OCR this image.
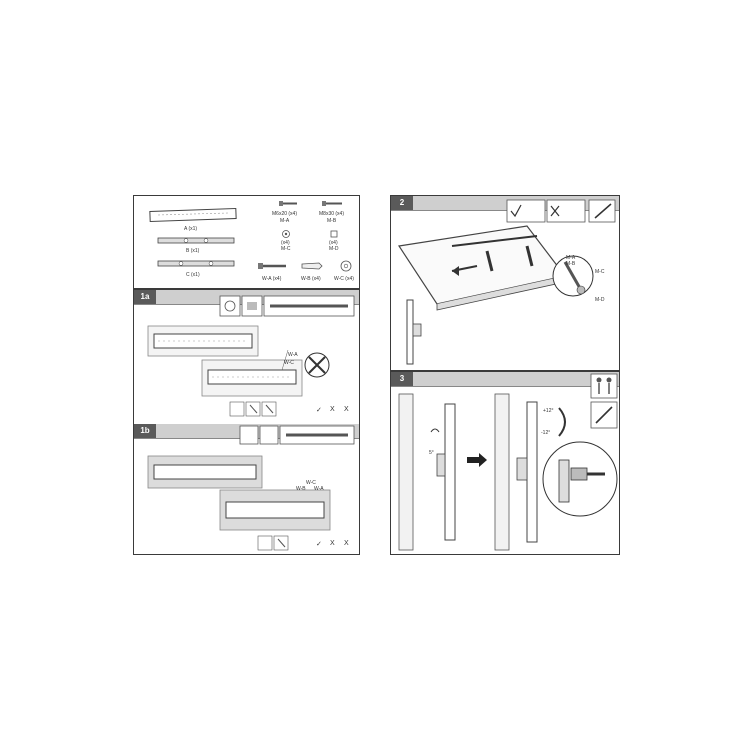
A (x1)
B (x1)
C (x1)
M6x20 (x4)
M-A
M8x30 (x4)
M-B
(x4)
M-C
(x4)
M-D
W-A (x4)	W-B (x4)	W-C (x4)
1a
W-A
W-C
✓ X X
1b
W-C
W-B W-A
✓ X X
2
M-A
M-B
M-C
M-D
3
5°
+12°
-12°
